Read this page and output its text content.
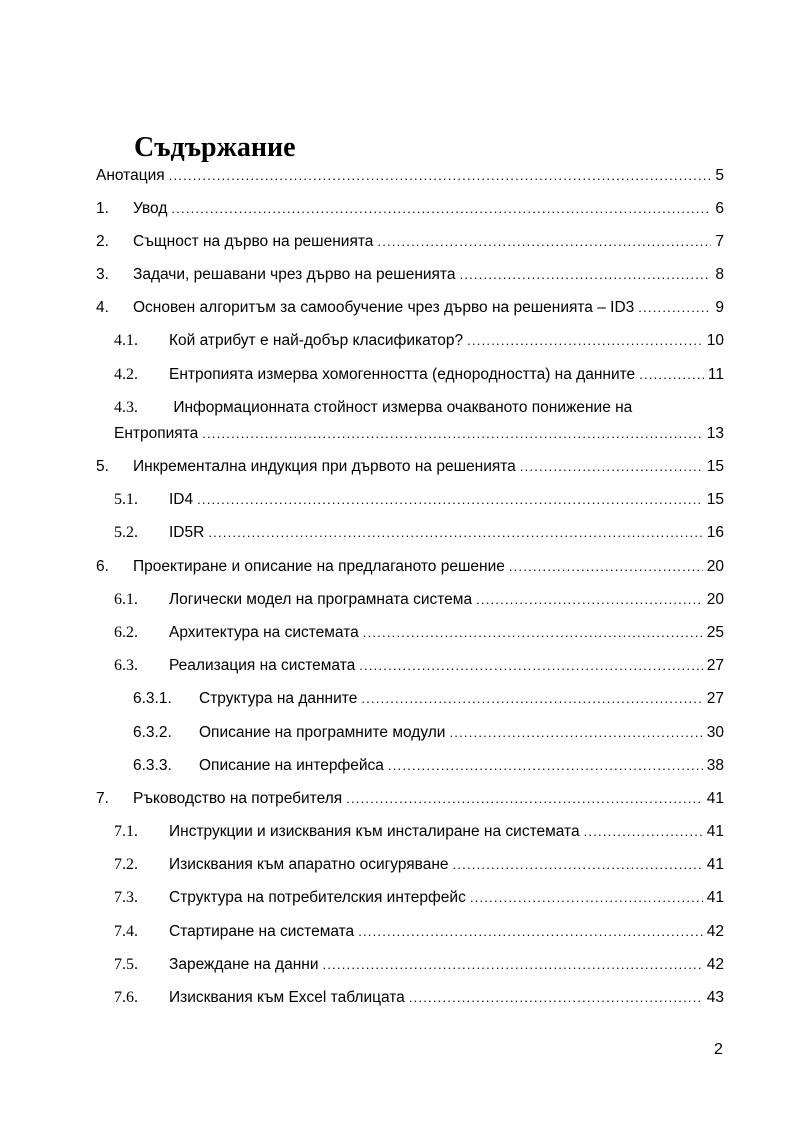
Съдържание
Анотация .....	5
1.	Увод .....	6
2.	Същност на дърво на решенията .....	7
3.	Задачи, решавани чрез дърво на решенията .....	8
4.	Основен алгоритъм за самообучение чрез дърво на решенията – ID3 .....	9
4.1.	Кой атрибут е най-добър класификатор? .....	10
4.2.	Ентропията измерва хомогенността (еднородността) на данните .....	11
4.3. Информационната стойност измерва очакваното понижение на
Ентропията .....	13
5.	Инкрементална индукция при дървото на решенията .....	15
5.1.	ID4 .....	15
5.2.	ID5R .....	16
6.	Проектиране и описание на предлаганото решение .....	20
6.1.	Логически модел на програмната система .....	20
6.2.	Архитектура на системата .....	25
6.3.	Реализация на системата .....	27
6.3.1.	Структура на данните .....	27
6.3.2.	Описание на програмните модули .....	30
6.3.3.	Описание на интерфейса .....	38
7.	Ръководство на потребителя .....	41
7.1.	Инструкции и изисквания към инсталиране на системата .....	41
7.2.	Изисквания към апаратно осигуряване .....	41
7.3.	Структура на потребителския интерфейс .....	41
7.4.	Стартиране на системата .....	42
7.5.	Зареждане на данни .....	42
7.6.	Изисквания към Excel таблицата .....	43
2
